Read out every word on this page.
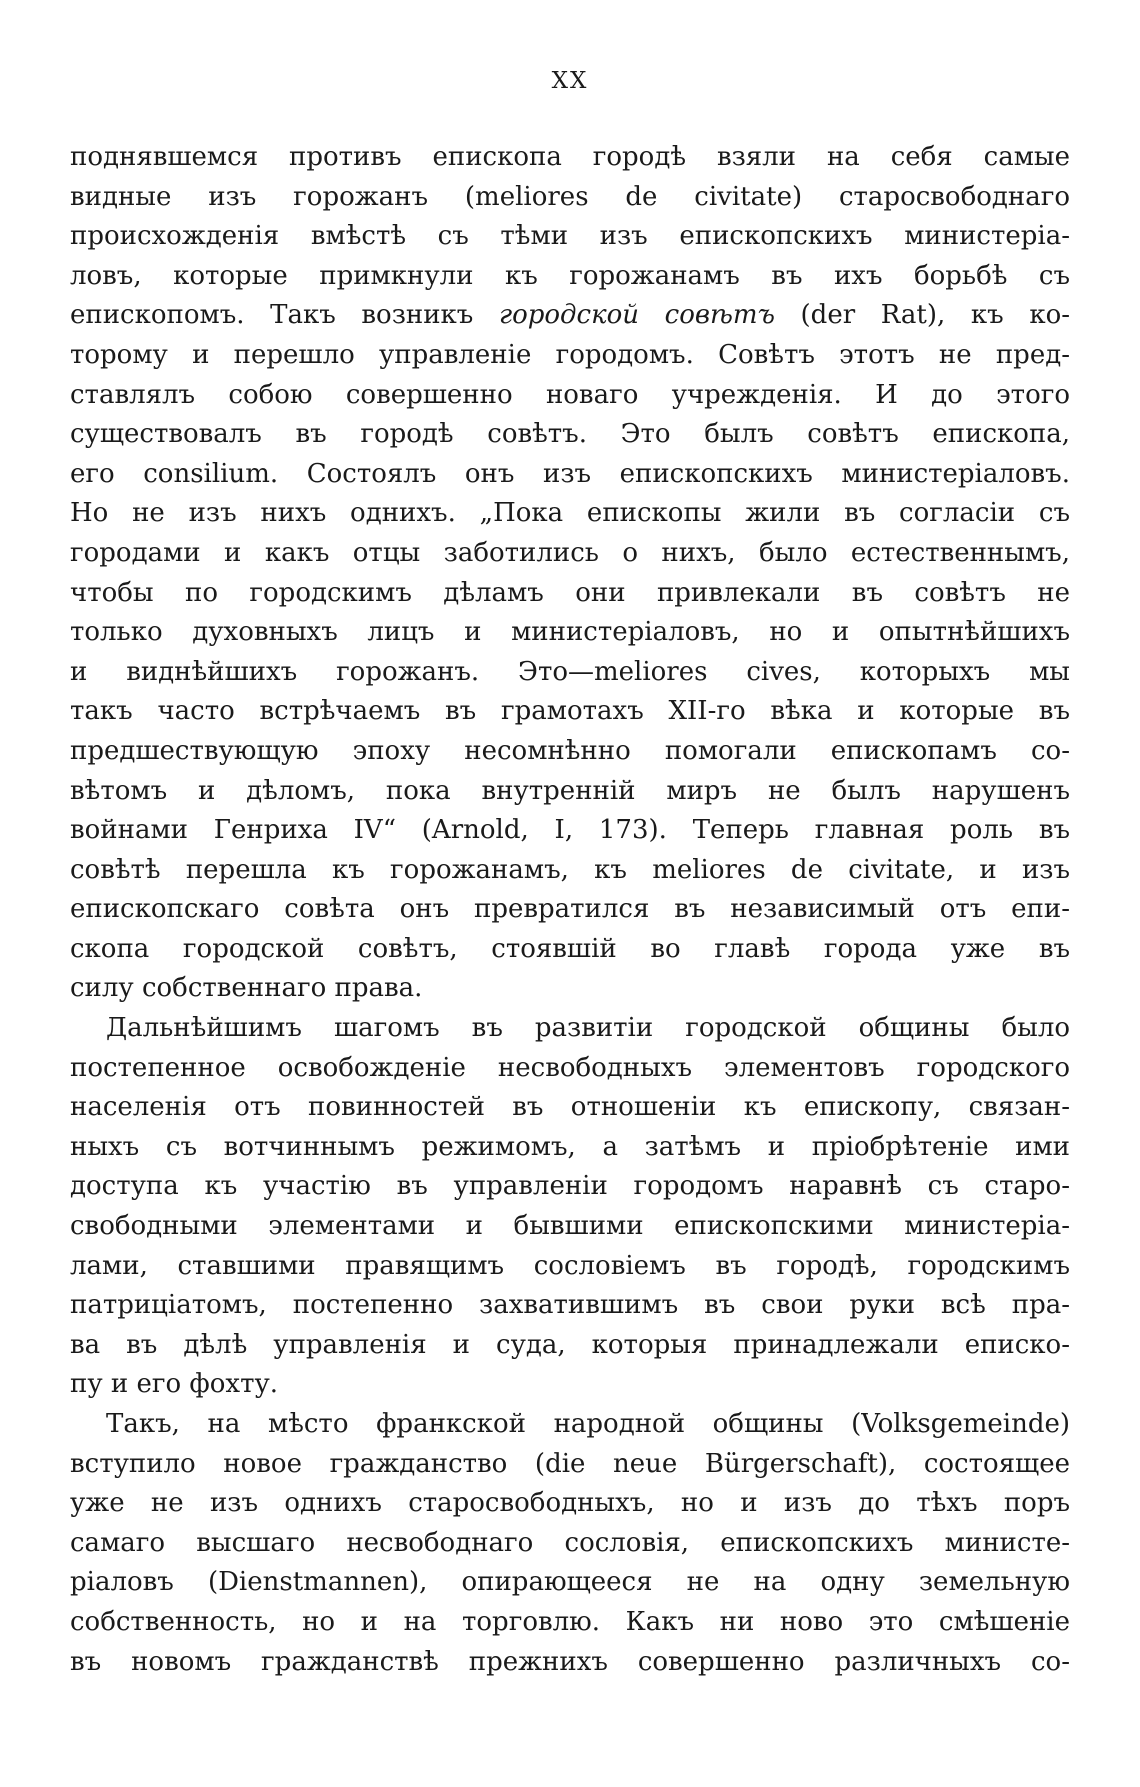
XX
поднявшемся противъ епископа городѣ взяли на себя самые
видные изъ горожанъ (meliores de civitate) старосвободнаго
происхожденія вмѣстѣ съ тѣми изъ епископскихъ министеріа-
ловъ, которые примкнули къ горожанамъ въ ихъ борьбѣ съ
епископомъ. Такъ возникъ городской совѣтъ (der Rat), къ ко-
торому и перешло управленіе городомъ. Совѣтъ этотъ не пред-
ставлялъ собою совершенно новаго учрежденія. И до этого
существовалъ въ городѣ совѣтъ. Это былъ совѣтъ епископа,
его consilium. Состоялъ онъ изъ епископскихъ министеріаловъ.
Но не изъ нихъ однихъ. „Пока епископы жили въ согласіи съ
городами и какъ отцы заботились о нихъ, было естественнымъ,
чтобы по городскимъ дѣламъ они привлекали въ совѣтъ не
только духовныхъ лицъ и министеріаловъ, но и опытнѣйшихъ
и виднѣйшихъ горожанъ. Это—meliores cives, которыхъ мы
такъ часто встрѣчаемъ въ грамотахъ XII-го вѣка и которые въ
предшествующую эпоху несомнѣнно помогали епископамъ со-
вѣтомъ и дѣломъ, пока внутренній миръ не былъ нарушенъ
войнами Генриха IV“ (Arnold, I, 173). Теперь главная роль въ
совѣтѣ перешла къ горожанамъ, къ meliores de civitate, и изъ
епископскаго совѣта онъ превратился въ независимый отъ епи-
скопа городской совѣтъ, стоявшій во главѣ города уже въ
силу собственнаго права.
Дальнѣйшимъ шагомъ въ развитіи городской общины было
постепенное освобожденіе несвободныхъ элементовъ городского
населенія отъ повинностей въ отношеніи къ епископу, связан-
ныхъ съ вотчиннымъ режимомъ, а затѣмъ и пріобрѣтеніе ими
доступа къ участію въ управленіи городомъ наравнѣ съ старо-
свободными элементами и бывшими епископскими министеріа-
лами, ставшими правящимъ сословіемъ въ городѣ, городскимъ
патриціатомъ, постепенно захватившимъ въ свои руки всѣ пра-
ва въ дѣлѣ управленія и суда, которыя принадлежали еписко-
пу и его фохту.
Такъ, на мѣсто франкской народной общины (Volksgemeinde)
вступило новое гражданство (die neue Bürgerschaft), состоящее
уже не изъ однихъ старосвободныхъ, но и изъ до тѣхъ поръ
самаго высшаго несвободнаго сословія, епископскихъ министе-
ріаловъ (Dienstmannen), опирающееся не на одну земельную
собственность, но и на торговлю. Какъ ни ново это смѣшеніе
въ новомъ гражданствѣ прежнихъ совершенно различныхъ со-
